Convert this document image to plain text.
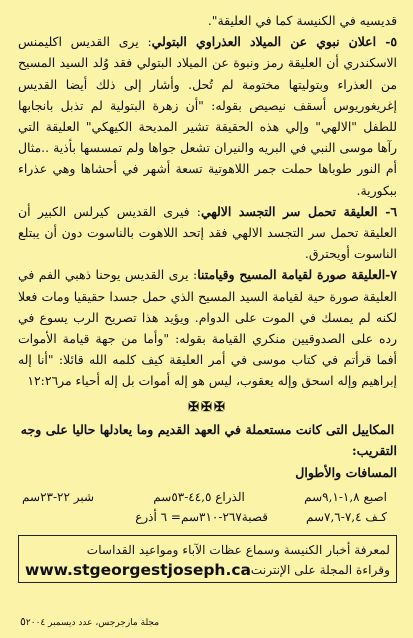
قديسيه في الكنيسة كما في العليقة".

٥- اعلان نبوي عن الميلاد العذراوي البتولي: يرى القديس اكليمنس الاسكندري أن العليقة رمز ونبوة عن الميلاد البتولي فقد وُلد السيد المسيح من العذراء وبتوليتها مختومة لم تُحل. وأشار إلى ذلك أيضا القديس إغريغوريوس أسقف نيصيص بقوله: "أن زهرة البتولية لم تذبل بانجابها للطفل "الالهي" وإلي هذه الحقيقة تشير المديحة الكيهكي" العليقة التي رآها موسى النبي في البريه والنيران تشعل جواها ولم تمسسها بأذية ..مثال أم النور طوباها حملت جمر اللاهوتية تسعة أشهر في أحشاها وهي عذراء ببكورية.

٦- العليقة تحمل سر التجسد الالهي: فيرى القديس كيرلس الكبير أن العليقة تحمل سر التجسد الالهي فقد إتحد اللاهوت بالناسوت دون أن يبتلع الناسوت أويحترق.

٧-العليقة صورة لقيامة المسيح وقيامتنا: يرى القديس يوحنا ذهبي الفم في العليقة صورة حية لقيامة السيد المسيح الذي حمل جسدا حقيقيا ومات فعلا لكنه لم يمسك في الموت على الدوام. ويؤيد هذا تصريح الرب يسوع في رده على الصدوقيين منكري القيامة بقوله: "وأما من جهة قيامة الأموات أفما قرأتم في كتاب موسى في أمر العليقة كيف كلمه الله قائلا: "أنا إله إبراهيم وإله اسحق وإله يعقوب، ليس هو إله أموات بل إله أحياء مر١٢:٢٦

✠✠✠

المكاييل التى كانت مستعملة في العهد القديم وما يعادلها حاليا على وجه التقريب:

المسافات والأطوال

اصبع ١,٨-٩,١سم
الذراع ٤٤,٥-٥٣سم
شبر ٢٢-٢٣سم
كـف ٧,٤-٧,٦سم
قصبة٢٦٧-٣١٠سم= ٦ أذرع
لمعرفة أخبار الكنيسة وسماع عظات الآباء ومواعيد القداسات
وقراءة المجلة على الإنترنت
www.stgeorgestjoseph.ca
مجلة مارجرجس، عدد ديسمبر ٢٠٠٤
٥
